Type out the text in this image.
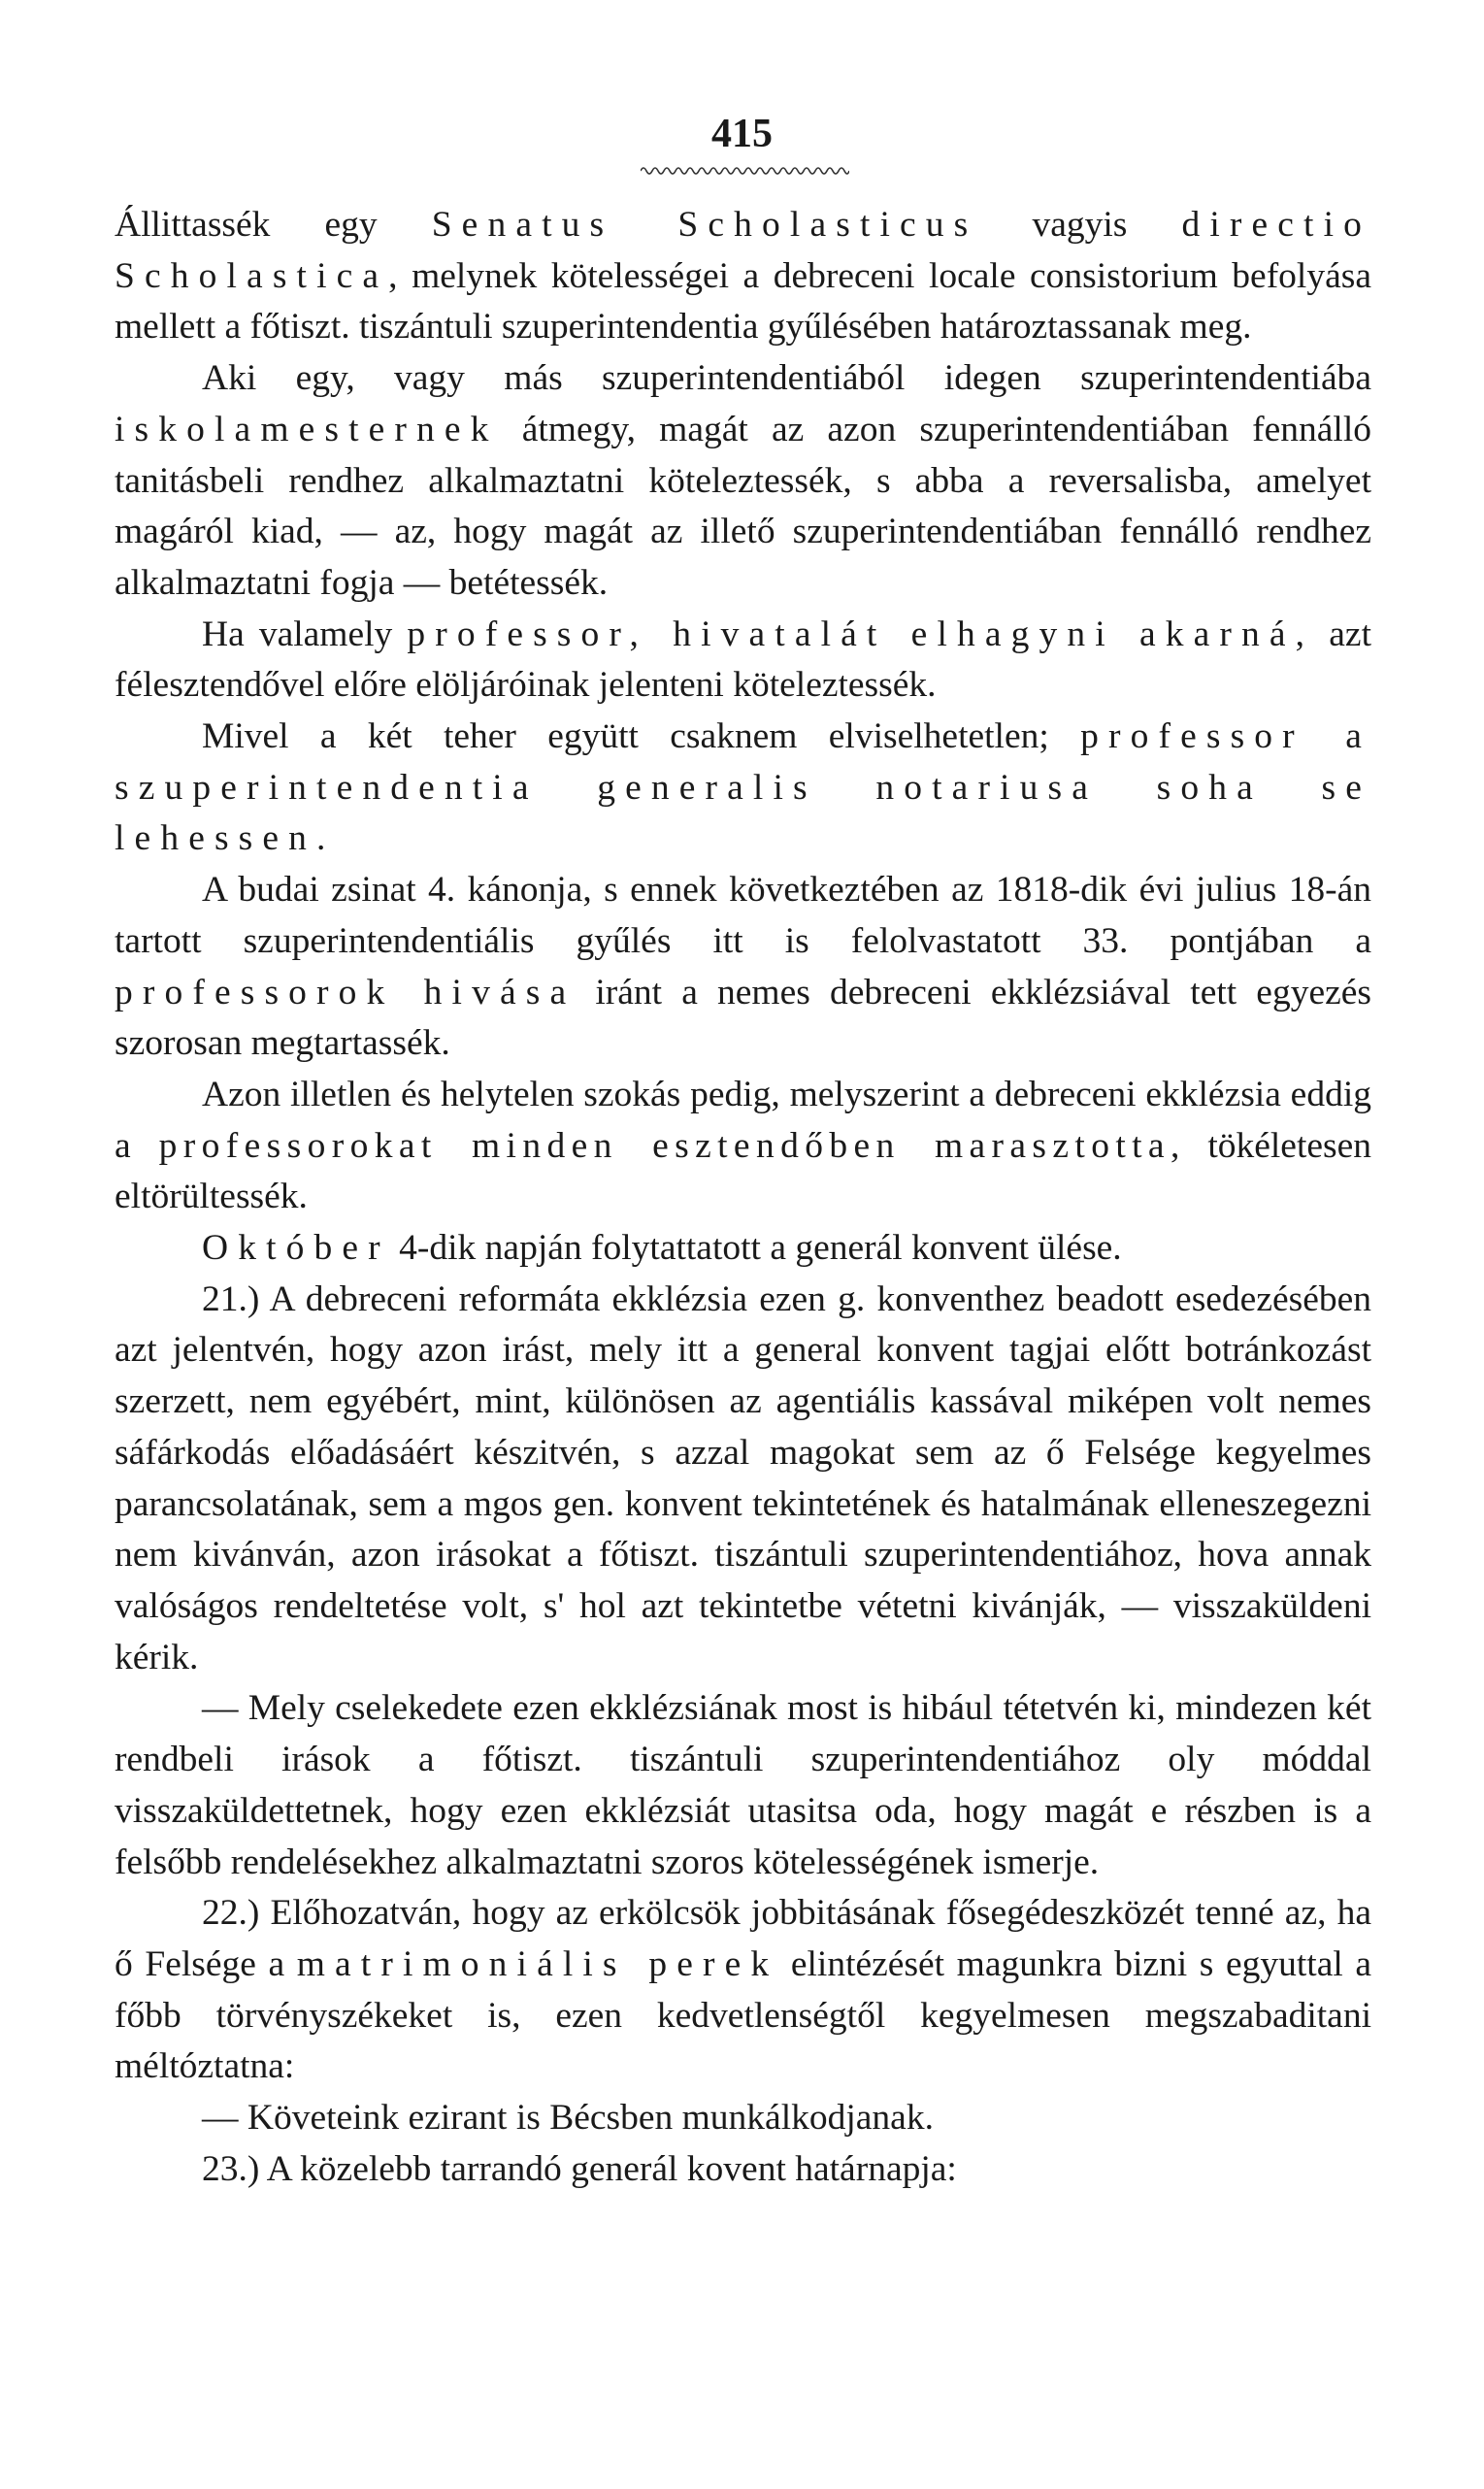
415

Állittassék egy Senatus Scholasticus vagyis directio Scholastica, melynek kötelességei a debreceni locale consistorium befolyása mellett a főtiszt. tiszántuli szuperintendentia gyűlésében határoztassanak meg.

Aki egy, vagy más szuperintendentiából idegen szuperintendentiába iskolamesternek átmegy, magát az azon szuperintendentiában fennálló tanitásbeli rendhez alkalmaztatni köteleztessék, s abba a reversalisba, amelyet magáról kiad, — az, hogy magát az illető szuperintendentiában fennálló rendhez alkalmaztatni fogja — betétessék.

Ha valamely professor, hivatalát elhagyni akarná, azt félesztendővel előre elöljáróinak jelenteni köteleztessék.

Mivel a két teher együtt csaknem elviselhetetlen; professor a szuperintendentia generalis notariusa soha se lehessen.

A budai zsinat 4. kánonja, s ennek következtében az 1818-dik évi julius 18-án tartott szuperintendentiális gyűlés itt is felolvastatott 33. pontjában a professorok hivása iránt a nemes debreceni ekklézsiával tett egyezés szorosan megtartassék.

Azon illetlen és helytelen szokás pedig, melyszerint a debreceni ekklézsia eddig a professorokat minden esztendőben marasztotta, tökéletesen eltörültessék.

Október 4-dik napján folytattatott a generál konvent ülése.

21.) A debreceni reformáta ekklézsia ezen g. konventhez beadott esedezésében azt jelentvén, hogy azon irást, mely itt a general konvent tagjai előtt botránkozást szerzett, nem egyébért, mint, különösen az agentiális kassával miképen volt nemes sáfárkodás előadásáért készitvén, s azzal magokat sem az ő Felsége kegyelmes parancsolatának, sem a mgos gen. konvent tekintetének és hatalmának elleneszegezni nem kivánván, azon irásokat a főtiszt. tiszántuli szuperintendentiához, hova annak valóságos rendeltetése volt, s' hol azt tekintetbe vétetni kivánják, — visszaküldeni kérik.

— Mely cselekedete ezen ekklézsiának most is hibául tétetvén ki, mindezen két rendbeli irások a főtiszt. tiszántuli szuperintendentiához oly móddal visszaküldettetnek, hogy ezen ekklézsiát utasitsa oda, hogy magát e részben is a felsőbb rendelésekhez alkalmaztatni szoros kötelességének ismerje.

22.) Előhozatván, hogy az erkölcsök jobbitásának fősegédeszközét tenné az, ha ő Felsége a matrimoniális perek elintézését magunkra bizni s egyuttal a főbb törvényszékeket is, ezen kedvetlenségtől kegyelmesen megszabaditani méltóztatna:

— Követeink ezirant is Bécsben munkálkodjanak.

23.) A közelebb tarrandó generál kovent határnapja:
